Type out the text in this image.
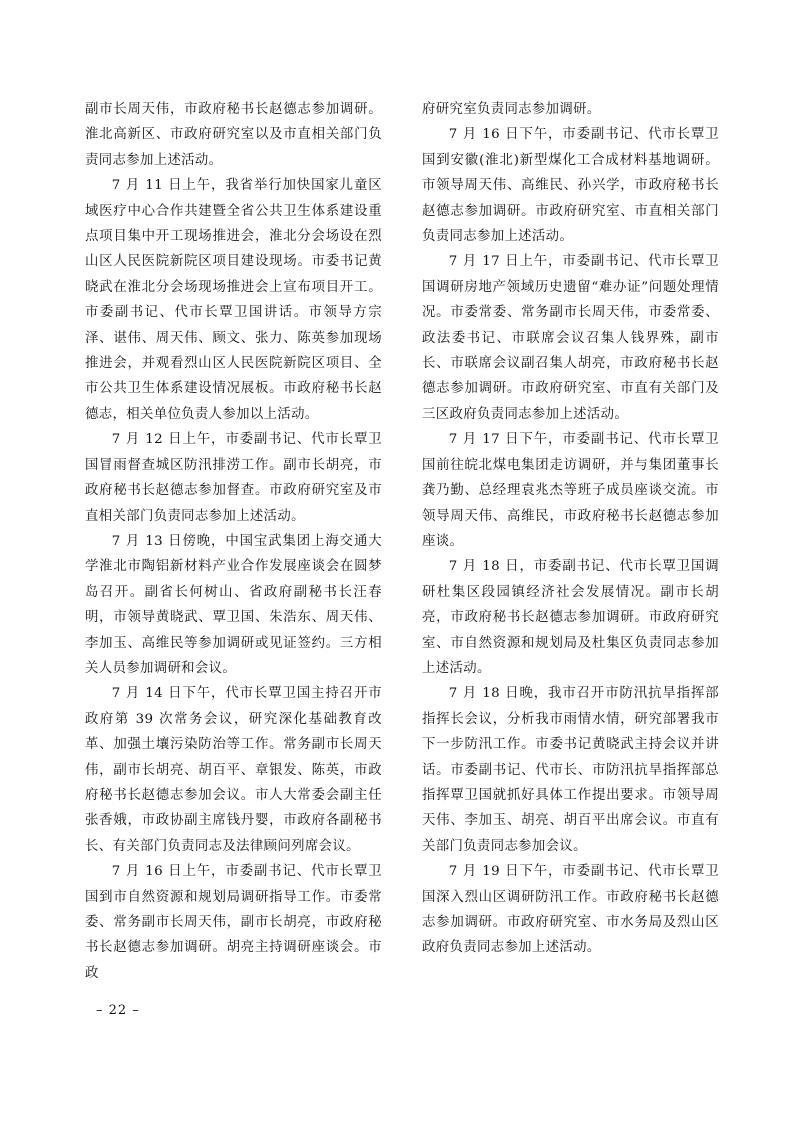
副市长周天伟，市政府秘书长赵德志参加调研。淮北高新区、市政府研究室以及市直相关部门负责同志参加上述活动。

7 月 11 日上午，我省举行加快国家儿童区域医疗中心合作共建暨全省公共卫生体系建设重点项目集中开工现场推进会，淮北分会场设在烈山区人民医院新院区项目建设现场。市委书记黄晓武在淮北分会场现场推进会上宣布项目开工。市委副书记、代市长覃卫国讲话。市领导方宗泽、谌伟、周天伟、顾文、张力、陈英参加现场推进会，并观看烈山区人民医院新院区项目、全市公共卫生体系建设情况展板。市政府秘书长赵德志，相关单位负责人参加以上活动。

7 月 12 日上午，市委副书记、代市长覃卫国冒雨督查城区防汛排涝工作。副市长胡亮，市政府秘书长赵德志参加督查。市政府研究室及市直相关部门负责同志参加上述活动。

7 月 13 日傍晚，中国宝武集团上海交通大学淮北市陶铝新材料产业合作发展座谈会在圆梦岛召开。副省长何树山、省政府副秘书长汪春明，市领导黄晓武、覃卫国、朱浩东、周天伟、李加玉、高维民等参加调研或见证签约。三方相关人员参加调研和会议。

7 月 14 日下午，代市长覃卫国主持召开市政府第 39 次常务会议，研究深化基础教育改革、加强土壤污染防治等工作。常务副市长周天伟，副市长胡亮、胡百平、章银发、陈英，市政府秘书长赵德志参加会议。市人大常委会副主任张香娥，市政协副主席钱丹婴，市政府各副秘书长、有关部门负责同志及法律顾问列席会议。

7 月 16 日上午，市委副书记、代市长覃卫国到市自然资源和规划局调研指导工作。市委常委、常务副市长周天伟，副市长胡亮，市政府秘书长赵德志参加调研。胡亮主持调研座谈会。市政

府研究室负责同志参加调研。

7 月 16 日下午，市委副书记、代市长覃卫国到安徽(淮北)新型煤化工合成材料基地调研。市领导周天伟、高维民、孙兴学，市政府秘书长赵德志参加调研。市政府研究室、市直相关部门负责同志参加上述活动。

7 月 17 日上午，市委副书记、代市长覃卫国调研房地产领域历史遗留“难办证”问题处理情况。市委常委、常务副市长周天伟，市委常委、政法委书记、市联席会议召集人钱界殊，副市长、市联席会议副召集人胡亮，市政府秘书长赵德志参加调研。市政府研究室、市直有关部门及三区政府负责同志参加上述活动。

7 月 17 日下午，市委副书记、代市长覃卫国前往皖北煤电集团走访调研，并与集团董事长龚乃勤、总经理袁兆杰等班子成员座谈交流。市领导周天伟、高维民，市政府秘书长赵德志参加座谈。

7 月 18 日，市委副书记、代市长覃卫国调研杜集区段园镇经济社会发展情况。副市长胡亮，市政府秘书长赵德志参加调研。市政府研究室、市自然资源和规划局及杜集区负责同志参加上述活动。

7 月 18 日晚，我市召开市防汛抗旱指挥部指挥长会议，分析我市雨情水情，研究部署我市下一步防汛工作。市委书记黄晓武主持会议并讲话。市委副书记、代市长、市防汛抗旱指挥部总指挥覃卫国就抓好具体工作提出要求。市领导周天伟、李加玉、胡亮、胡百平出席会议。市直有关部门负责同志参加会议。

7 月 19 日下午，市委副书记、代市长覃卫国深入烈山区调研防汛工作。市政府秘书长赵德志参加调研。市政府研究室、市水务局及烈山区政府负责同志参加上述活动。

– 22 –
